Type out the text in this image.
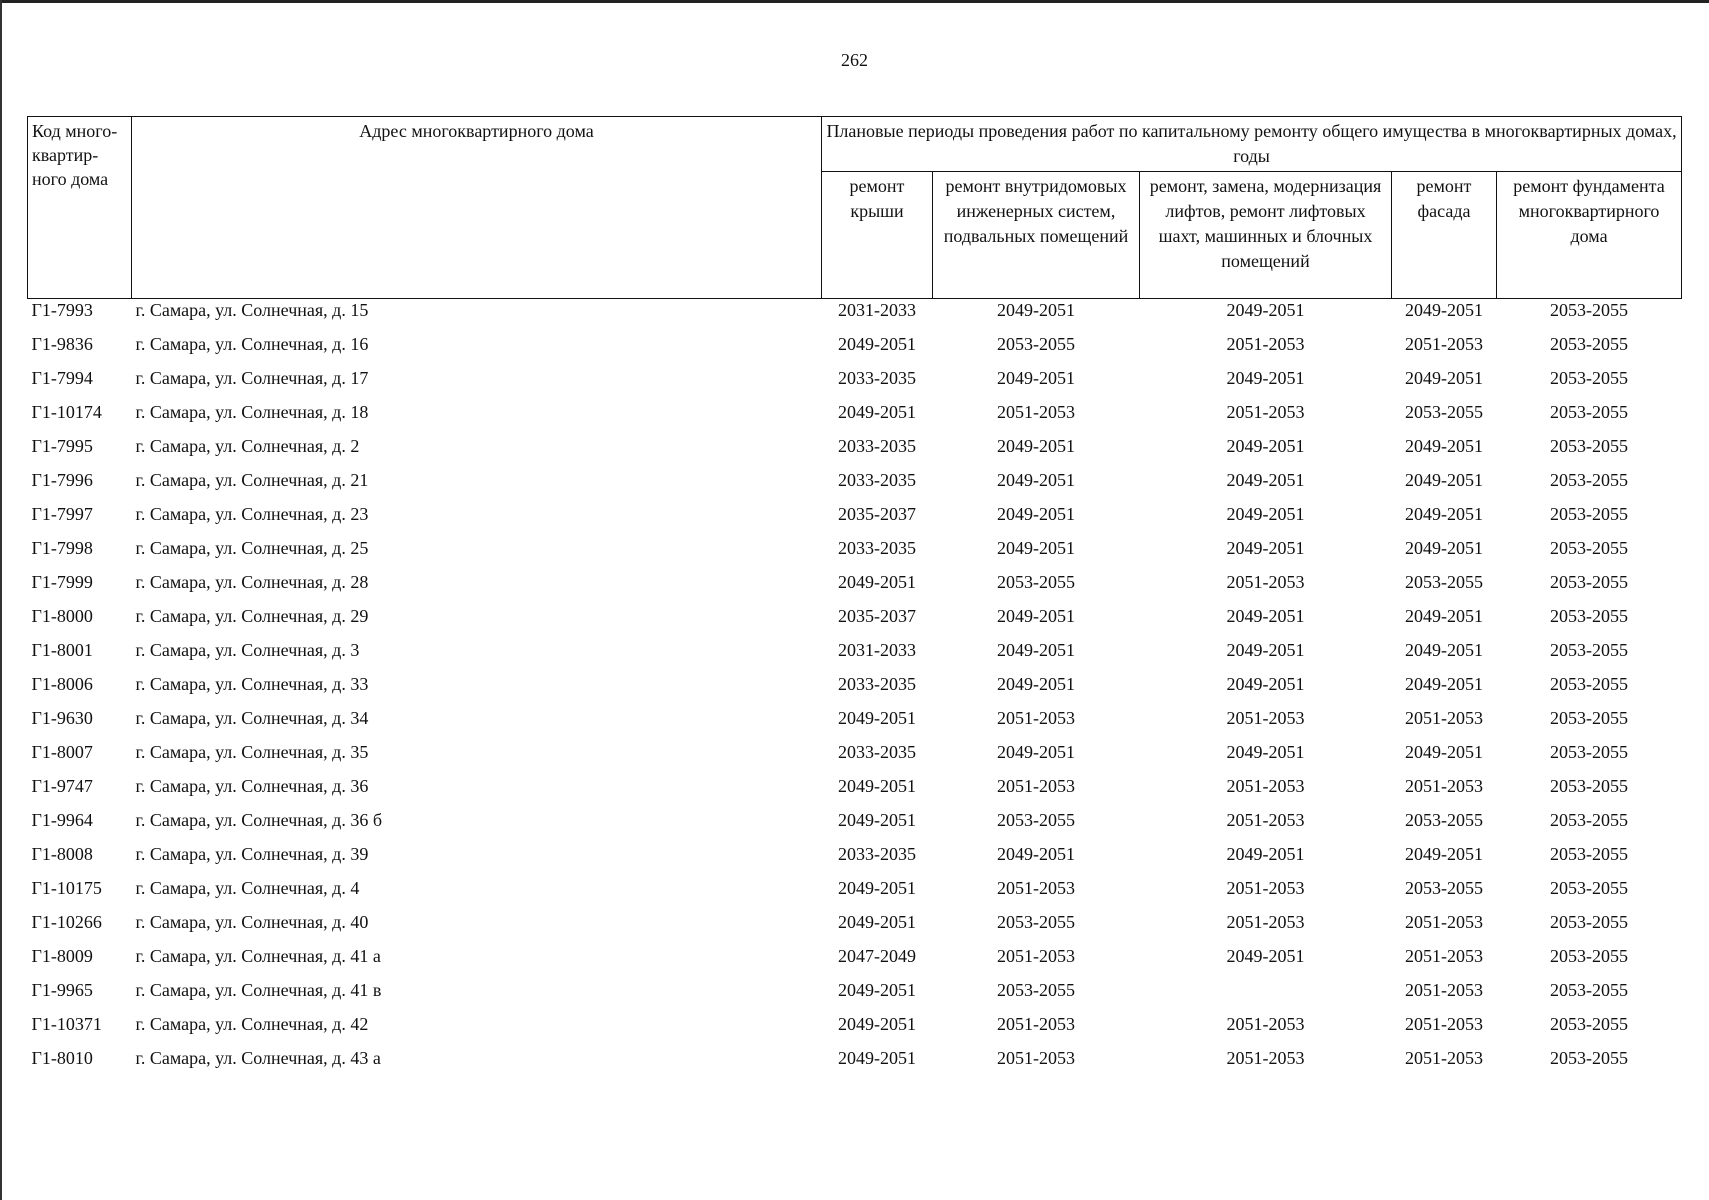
262
Код много-квартир-ного дома	Адрес многоквартирного дома	Плановые периоды проведения работ по капитальному ремонту общего имущества в многоквартирных домах, годы				
		ремонт крыши	ремонт внутридомовых инженерных систем, подвальных помещений	ремонт, замена, модернизация лифтов, ремонт лифтовых шахт, машинных и блочных помещений	ремонт фасада	ремонт фундамента многоквартирного дома
Г1-7993	г. Самара, ул. Солнечная, д. 15	2031-2033	2049-2051	2049-2051	2049-2051	2053-2055
Г1-9836	г. Самара, ул. Солнечная, д. 16	2049-2051	2053-2055	2051-2053	2051-2053	2053-2055
Г1-7994	г. Самара, ул. Солнечная, д. 17	2033-2035	2049-2051	2049-2051	2049-2051	2053-2055
Г1-10174	г. Самара, ул. Солнечная, д. 18	2049-2051	2051-2053	2051-2053	2053-2055	2053-2055
Г1-7995	г. Самара, ул. Солнечная, д. 2	2033-2035	2049-2051	2049-2051	2049-2051	2053-2055
Г1-7996	г. Самара, ул. Солнечная, д. 21	2033-2035	2049-2051	2049-2051	2049-2051	2053-2055
Г1-7997	г. Самара, ул. Солнечная, д. 23	2035-2037	2049-2051	2049-2051	2049-2051	2053-2055
Г1-7998	г. Самара, ул. Солнечная, д. 25	2033-2035	2049-2051	2049-2051	2049-2051	2053-2055
Г1-7999	г. Самара, ул. Солнечная, д. 28	2049-2051	2053-2055	2051-2053	2053-2055	2053-2055
Г1-8000	г. Самара, ул. Солнечная, д. 29	2035-2037	2049-2051	2049-2051	2049-2051	2053-2055
Г1-8001	г. Самара, ул. Солнечная, д. 3	2031-2033	2049-2051	2049-2051	2049-2051	2053-2055
Г1-8006	г. Самара, ул. Солнечная, д. 33	2033-2035	2049-2051	2049-2051	2049-2051	2053-2055
Г1-9630	г. Самара, ул. Солнечная, д. 34	2049-2051	2051-2053	2051-2053	2051-2053	2053-2055
Г1-8007	г. Самара, ул. Солнечная, д. 35	2033-2035	2049-2051	2049-2051	2049-2051	2053-2055
Г1-9747	г. Самара, ул. Солнечная, д. 36	2049-2051	2051-2053	2051-2053	2051-2053	2053-2055
Г1-9964	г. Самара, ул. Солнечная, д. 36 б	2049-2051	2053-2055	2051-2053	2053-2055	2053-2055
Г1-8008	г. Самара, ул. Солнечная, д. 39	2033-2035	2049-2051	2049-2051	2049-2051	2053-2055
Г1-10175	г. Самара, ул. Солнечная, д. 4	2049-2051	2051-2053	2051-2053	2053-2055	2053-2055
Г1-10266	г. Самара, ул. Солнечная, д. 40	2049-2051	2053-2055	2051-2053	2051-2053	2053-2055
Г1-8009	г. Самара, ул. Солнечная, д. 41 а	2047-2049	2051-2053	2049-2051	2051-2053	2053-2055
Г1-9965	г. Самара, ул. Солнечная, д. 41 в	2049-2051	2053-2055		2051-2053	2053-2055
Г1-10371	г. Самара, ул. Солнечная, д. 42	2049-2051	2051-2053	2051-2053	2051-2053	2053-2055
Г1-8010	г. Самара, ул. Солнечная, д. 43 а	2049-2051	2051-2053	2051-2053	2051-2053	2053-2055
